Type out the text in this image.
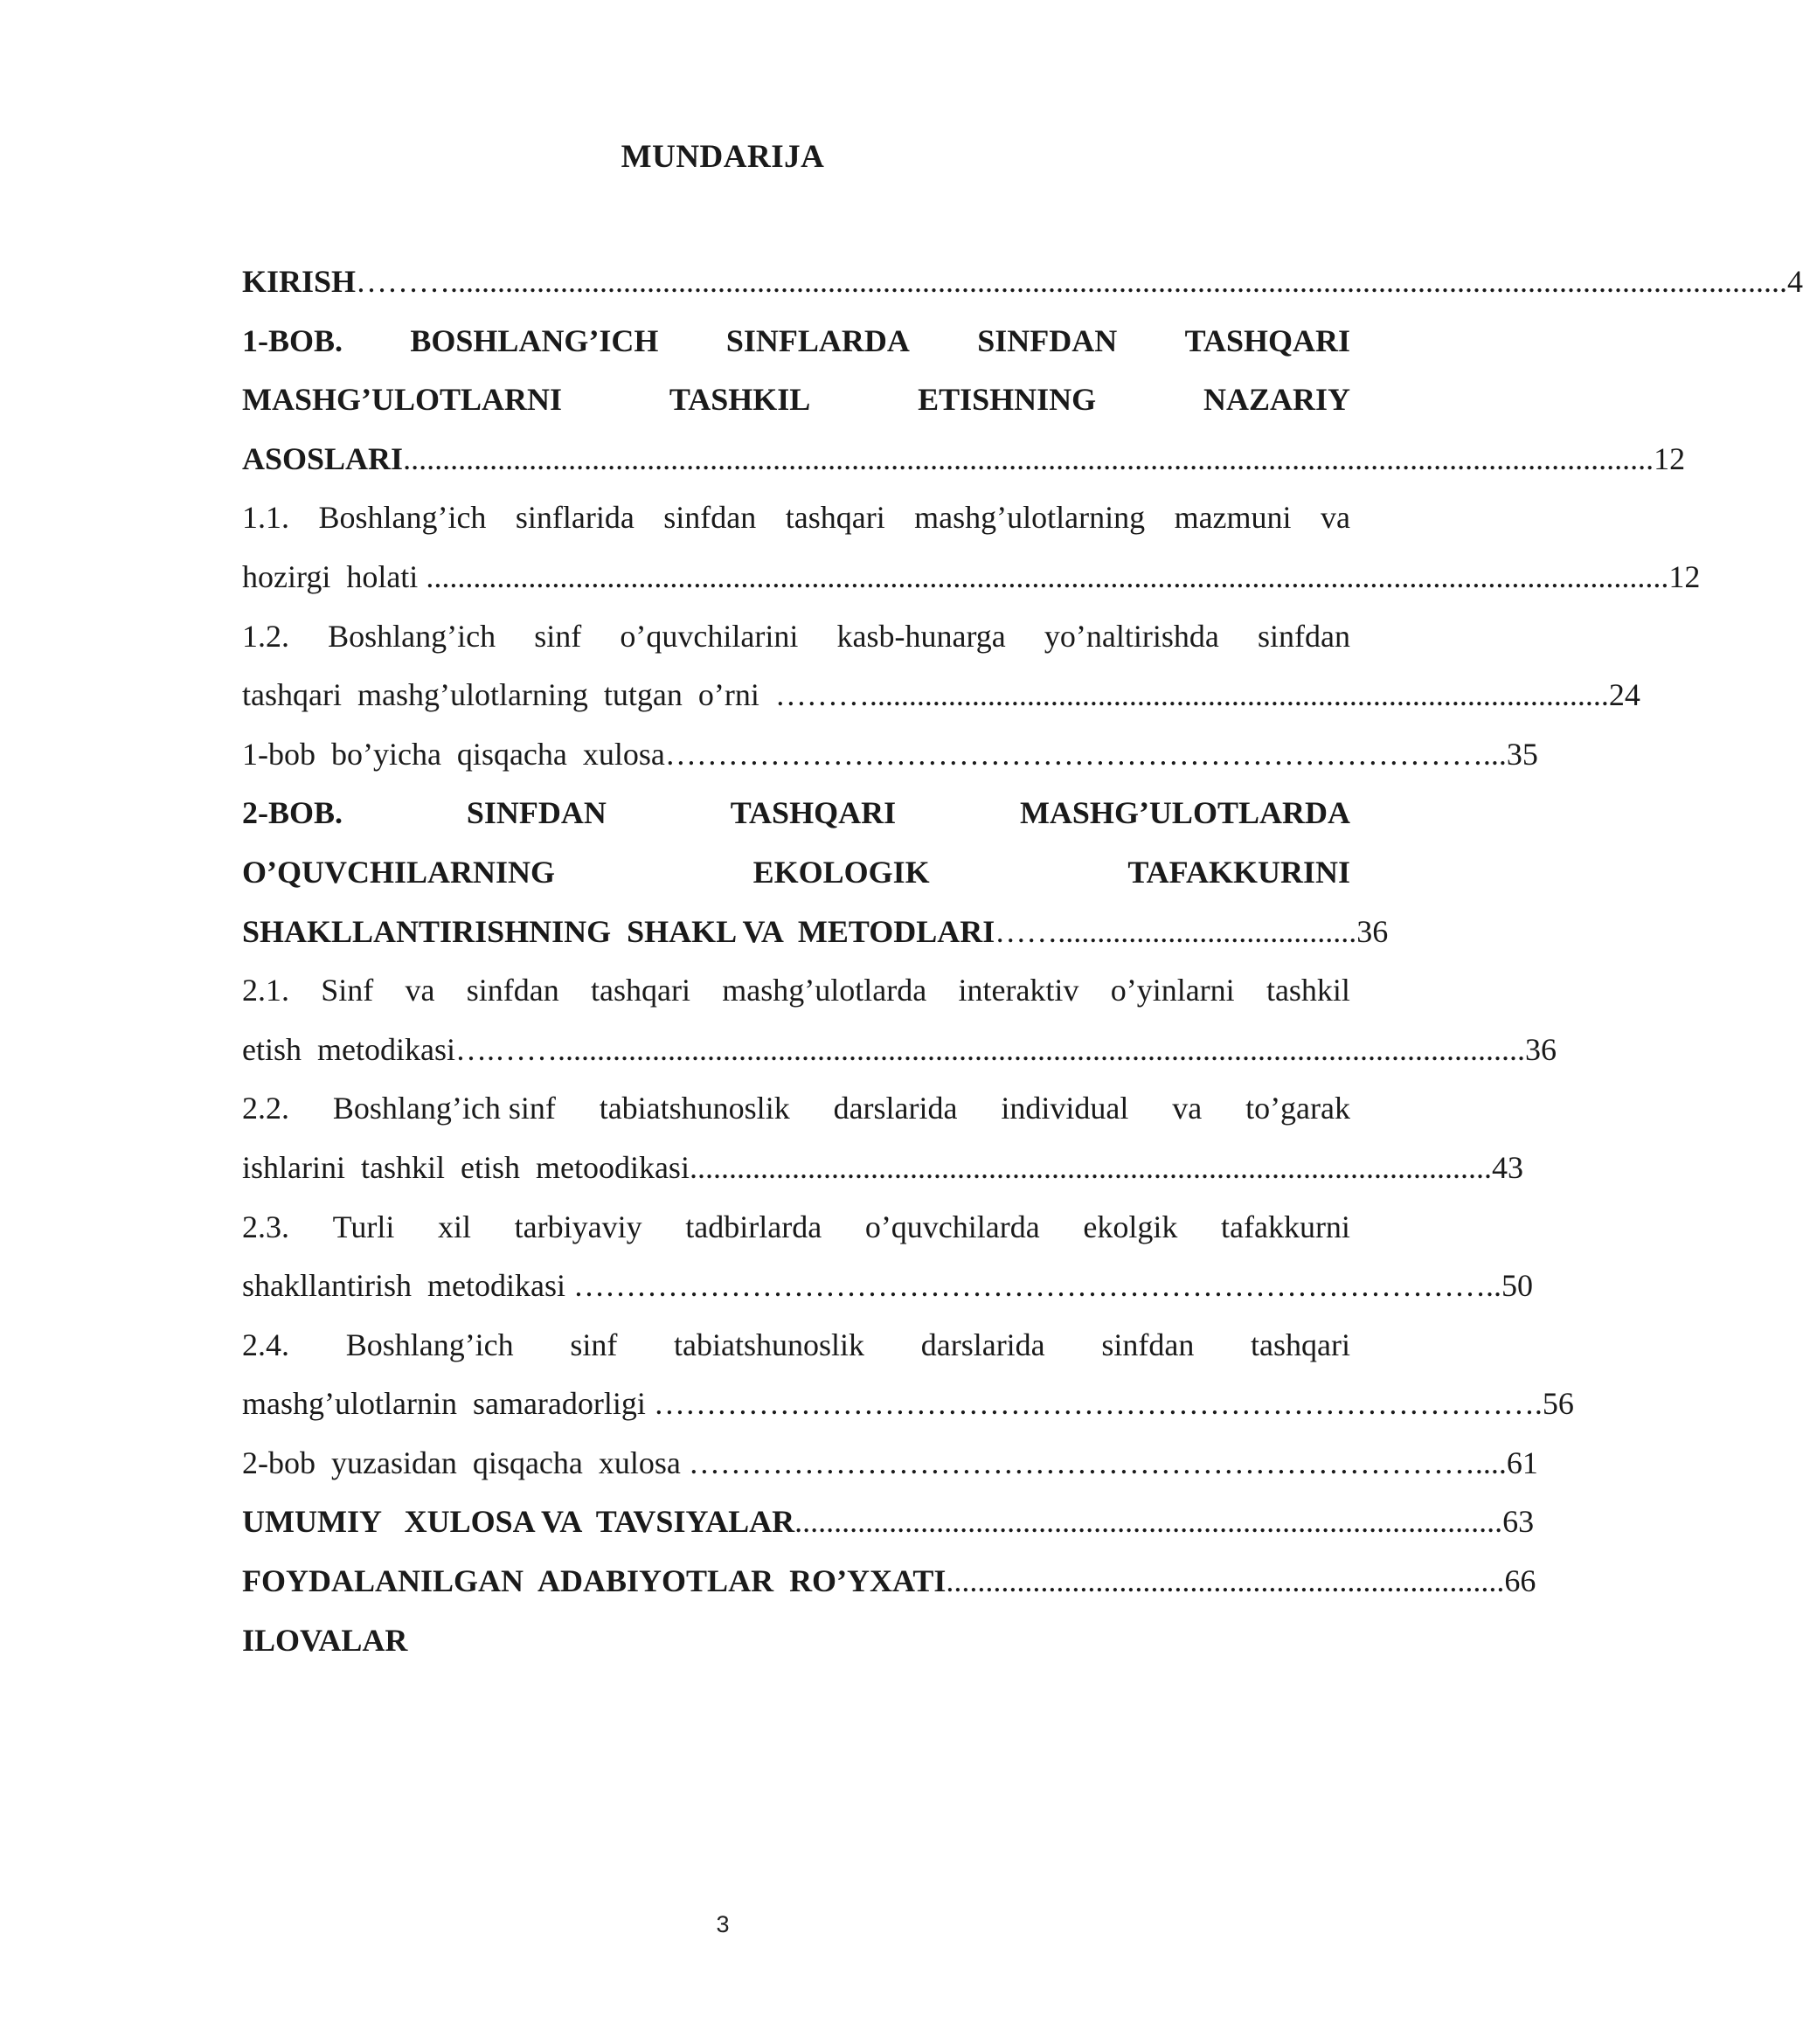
MUNDARIJA
KIRISH ……….......................................................................................................................................................................... 4
1-BOB. BOSHLANG’ICH SINFLARDA SINFDAN TASHQARI
MASHG’ULOTLARNI	TASHKIL	ETISHNING	NAZARIY
ASOSLARI ............................................................................................................................................................... 12
1.1. Boshlang’ich sinflarida sinfdan tashqari mashg’ulotlarning mazmuni va
hozirgi  holati .............................................................................................................................................................. 12
1.2. Boshlang’ich sinf o’quvchilarini kasb-hunarga yo’naltirishda sinfdan
tashqari  mashg’ulotlarning  tutgan  o’rni ……….............................................................................................. 24
1-bob  bo’yicha  qisqacha  xulosa ……………………………………………………………………... 35
2-BOB.	SINFDAN	TASHQARI	MASHG’ULOTLARDA
O’QUVCHILARNING	EKOLOGIK	TAFAKKURINI
SHAKLLANTIRISHNING  SHAKL VA  METODLARI ……...................................... 36
2.1. Sinf va sinfdan tashqari mashg’ulotlarda interaktiv o’yinlarni tashkil
etish  metodikasi ….……........................................................................................................................... 36
2.2. Boshlang’ich sinf tabiatshunoslik darslarida individual va to’garak
ishlarini  tashkil  etish  metoodikasi ...................................................................................................... 43
2.3. Turli xil tarbiyaviy tadbirlarda o’quvchilarda ekolgik tafakkurni
shakllantirish  metodikasi …………………………………………………………………………….. 50
2.4. Boshlang’ich sinf tabiatshunoslik darslarida sinfdan tashqari
mashg’ulotlarnin  samaradorligi …………………………………………………………………………. 56
2-bob  yuzasidan  qisqacha  xulosa ………………………………………………………………….... 61
UMUMIY   XULOSA VA  TAVSIYALAR .......................................................................................... 63
FOYDALANILGAN  ADABIYOTLAR  RO’YXATI ....................................................................... 66
ILOVALAR
3
